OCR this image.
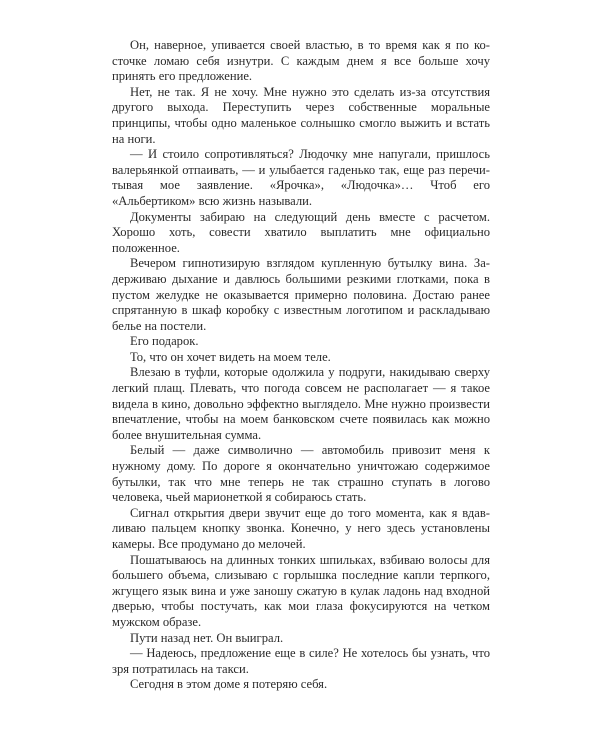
Он, наверное, упивается своей властью, в то время как я по косточке ломаю себя изнутри. С каждым днем я все больше хочу принять его предложение.

Нет, не так. Я не хочу. Мне нужно это сделать из-за отсутствия другого выхода. Переступить через собственные моральные принципы, чтобы одно маленькое солнышко смогло выжить и встать на ноги.

— И стоило сопротивляться? Людочку мне напугали, пришлось валерьянкой отпаивать, — и улыбается гаденько так, еще раз перечитывая мое заявление. «Ярочка», «Людочка»… Чтоб его «Альбертиком» всю жизнь называли.

Документы забираю на следующий день вместе с расчетом. Хорошо хоть, совести хватило выплатить мне официально положенное.

Вечером гипнотизирую взглядом купленную бутылку вина. Задерживаю дыхание и давлюсь большими резкими глотками, пока в пустом желудке не оказывается примерно половина. Достаю ранее спрятанную в шкаф коробку с известным логотипом и раскладываю белье на постели.

Его подарок.

То, что он хочет видеть на моем теле.

Влезаю в туфли, которые одолжила у подруги, накидываю сверху легкий плащ. Плевать, что погода совсем не располагает — я такое видела в кино, довольно эффектно выглядело. Мне нужно произвести впечатление, чтобы на моем банковском счете появилась как можно более внушительная сумма.

Белый — даже символично — автомобиль привозит меня к нужному дому. По дороге я окончательно уничтожаю содержимое бутылки, так что мне теперь не так страшно ступать в логово человека, чьей марионеткой я собираюсь стать.

Сигнал открытия двери звучит еще до того момента, как я вдавливаю пальцем кнопку звонка. Конечно, у него здесь установлены камеры. Все продумано до мелочей.

Пошатываюсь на длинных тонких шпильках, взбиваю волосы для большего объема, слизываю с горлышка последние капли терпкого, жгущего язык вина и уже заношу сжатую в кулак ладонь над входной дверью, чтобы постучать, как мои глаза фокусируются на четком мужском образе.

Пути назад нет. Он выиграл.

— Надеюсь, предложение еще в силе? Не хотелось бы узнать, что зря потратилась на такси.

Сегодня в этом доме я потеряю себя.
